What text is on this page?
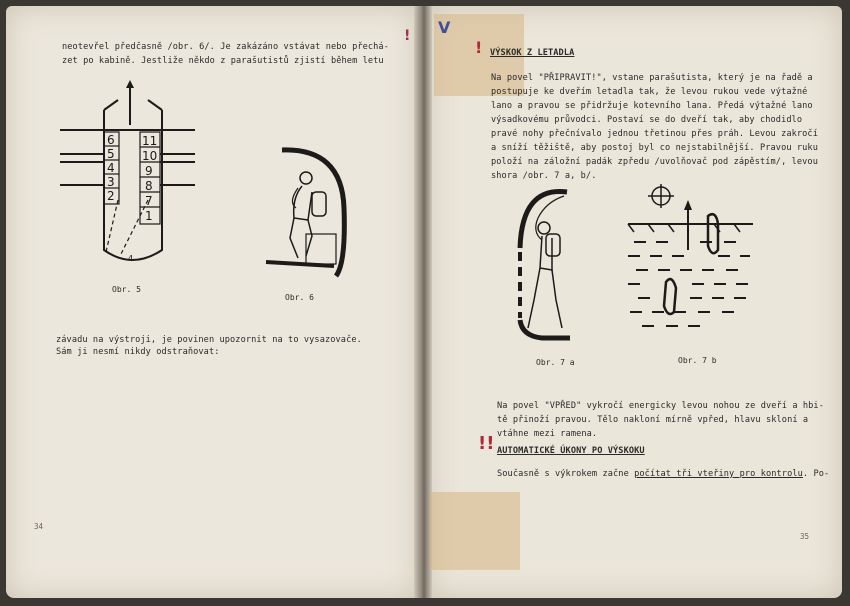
neotevřel předčasně /obr. 6/. Je zakázáno vstávat nebo přechá-
zet po kabině. Jestliže někdo z parašutistů zjistí během letu
6
5
4
3
2
11
10
9
8
7
1
4
Obr. 5
Obr. 6
závadu na výstroji, je povinen upozornit na to vysazovače.
Sám ji nesmí nikdy odstraňovat:
34
V
!
!
VÝSKOK Z LETADLA
Na povel "PŘIPRAVIT!", vstane parašutista, který je na řadě a
postupuje ke dveřím letadla tak, že levou rukou vede výtažné
lano a pravou se přidržuje kotevního lana. Předá výtažné lano
výsadkovému průvodci. Postaví se do dveří tak, aby chodidlo
pravé nohy přečnívalo jednou třetinou přes práh. Levou zakročí
a sníží těžiště, aby postoj byl co nejstabilnější. Pravou ruku
položí na záložní padák zpředu /uvolňovač pod zápěstím/, levou
shora /obr. 7 a, b/.
Obr. 7 a	Obr. 7 b
Na povel "VPŘED" vykročí energicky levou nohou ze dveří a hbi-
tě přinoží pravou. Tělo nakloní mírně vpřed, hlavu skloní a
vtáhne mezi ramena.
!! AUTOMATICKÉ ÚKONY PO VÝSKOKU
Současně s výkrokem začne počítat tři vteřiny pro kontrolu. Po-
35
